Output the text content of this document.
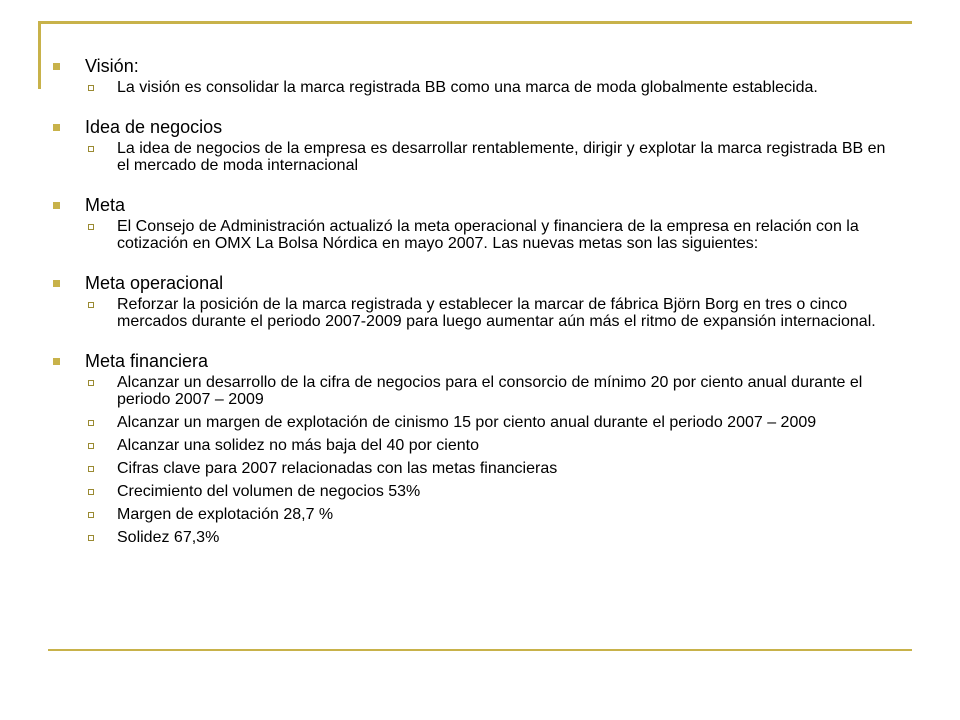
Visión:
La visión es consolidar la marca registrada BB como una marca de moda globalmente establecida.
Idea de negocios
La idea de negocios de la empresa es desarrollar rentablemente, dirigir y explotar la marca registrada BB en el mercado de moda internacional
Meta
El Consejo de Administración actualizó la meta operacional y financiera de la empresa en relación con la cotización en OMX La Bolsa Nórdica en mayo 2007. Las nuevas metas son las siguientes:
Meta operacional
Reforzar la posición de la marca registrada y establecer la marcar de fábrica Björn Borg en tres o cinco mercados durante el periodo 2007-2009 para luego aumentar aún más el ritmo de expansión internacional.
Meta financiera
Alcanzar un desarrollo de la cifra de negocios para el consorcio de mínimo 20 por ciento anual durante el periodo 2007 – 2009
Alcanzar un margen de explotación de cinismo 15 por ciento anual durante el periodo 2007 – 2009
Alcanzar una solidez no más baja del 40 por ciento
Cifras clave para 2007 relacionadas con las metas financieras
Crecimiento del volumen de negocios 53%
Margen de explotación 28,7 %
Solidez 67,3%
